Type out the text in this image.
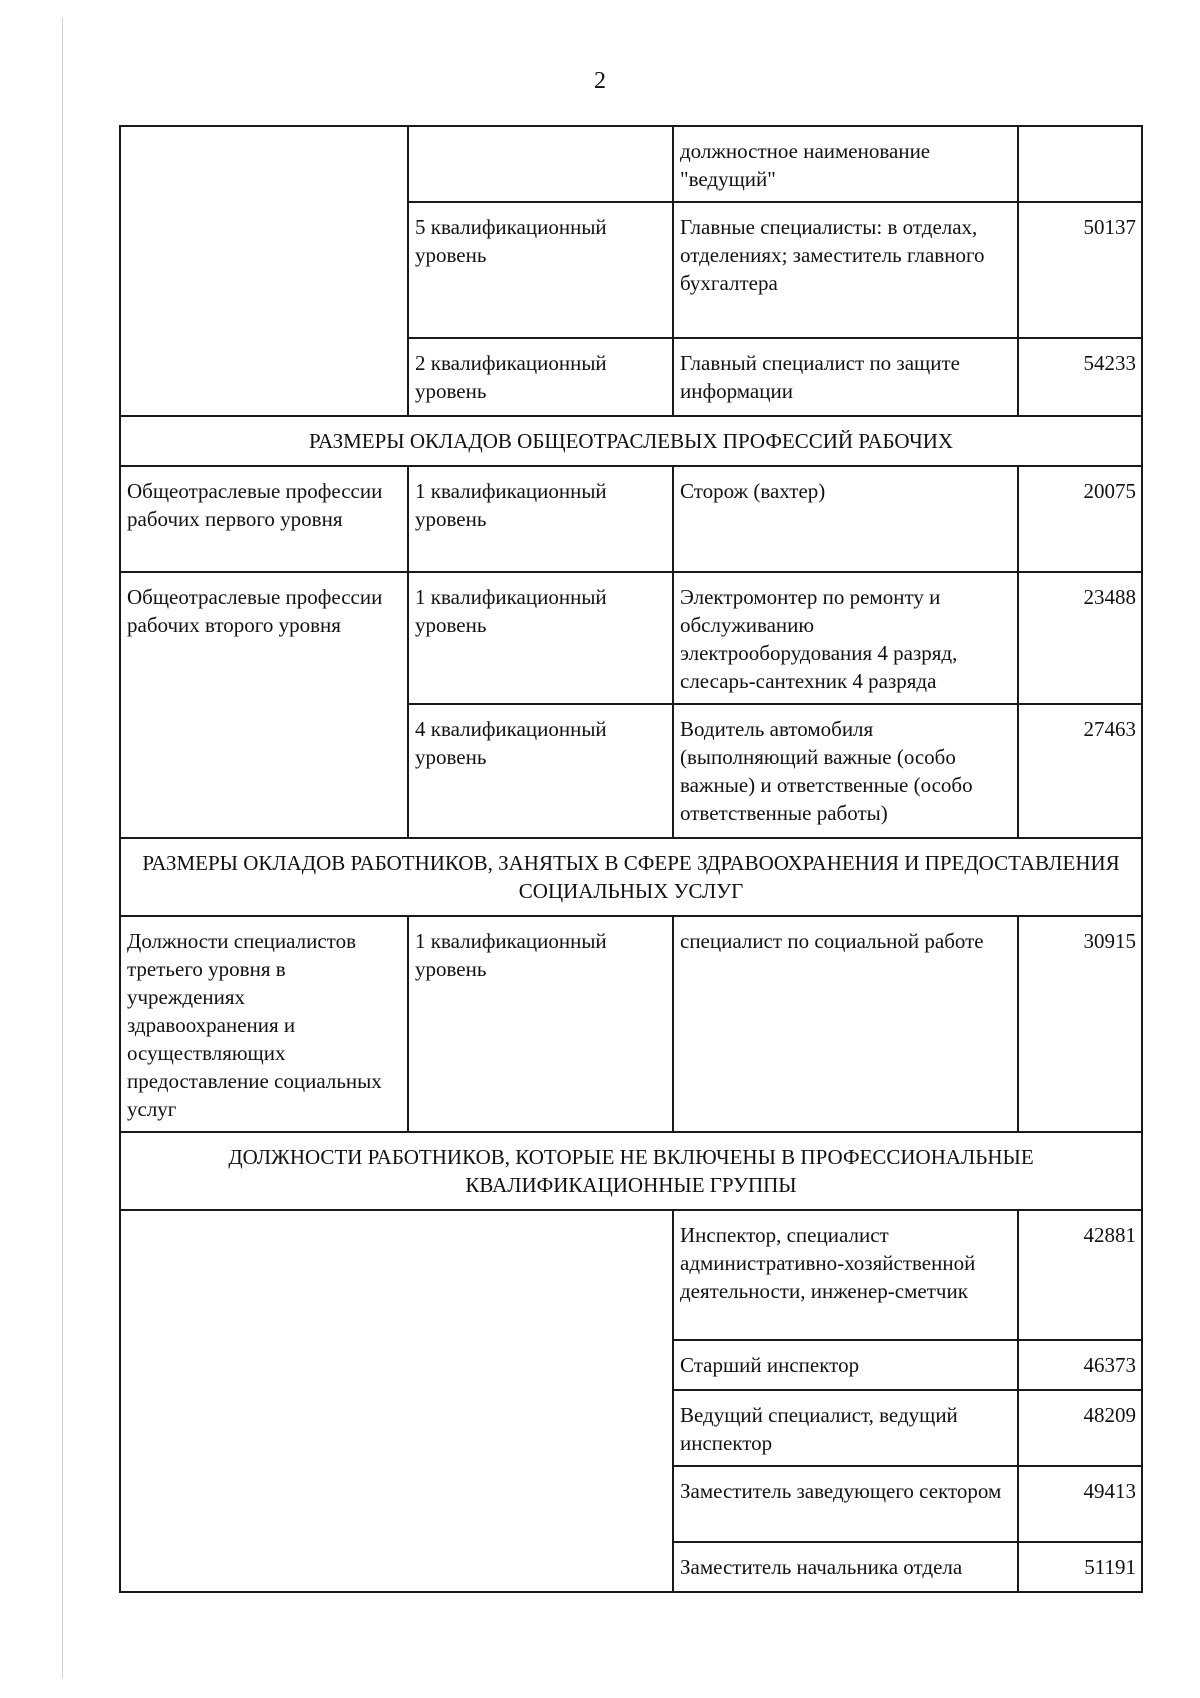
2
		должностное наименование "ведущий"	
	5 квалификационный уровень	Главные специалисты: в отделах, отделениях; заместитель главного бухгалтера	50137
	2 квалификационный уровень	Главный специалист по защите информации	54233
РАЗМЕРЫ ОКЛАДОВ ОБЩЕОТРАСЛЕВЫХ ПРОФЕССИЙ РАБОЧИХ			
Общеотраслевые профессии рабочих первого уровня	1 квалификационный уровень	Сторож (вахтер)	20075
Общеотраслевые профессии рабочих второго уровня	1 квалификационный уровень	Электромонтер по ремонту и обслуживанию электрооборудования 4 разряд, слесарь-сантехник 4 разряда	23488
	4 квалификационный уровень	Водитель автомобиля (выполняющий важные (особо важные) и ответственные (особо ответственные работы)	27463
РАЗМЕРЫ ОКЛАДОВ РАБОТНИКОВ, ЗАНЯТЫХ В СФЕРЕ ЗДРАВООХРАНЕНИЯ И ПРЕДОСТАВЛЕНИЯ СОЦИАЛЬНЫХ УСЛУГ			
Должности специалистов третьего уровня в учреждениях здравоохранения и осуществляющих предоставление социальных услуг	1 квалификационный уровень	специалист по социальной работе	30915
ДОЛЖНОСТИ РАБОТНИКОВ, КОТОРЫЕ НЕ ВКЛЮЧЕНЫ В ПРОФЕССИОНАЛЬНЫЕ КВАЛИФИКАЦИОННЫЕ ГРУППЫ			
		Инспектор, специалист административно-хозяйственной деятельности, инженер-сметчик	42881
		Старший инспектор	46373
		Ведущий специалист, ведущий инспектор	48209
		Заместитель заведующего сектором	49413
		Заместитель начальника отдела	51191
